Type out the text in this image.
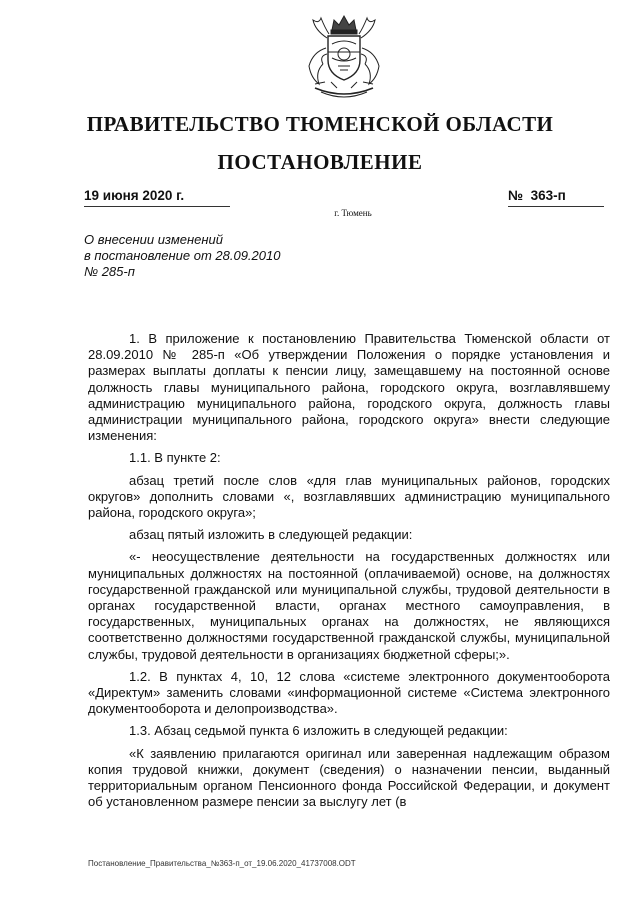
ПРАВИТЕЛЬСТВО ТЮМЕНСКОЙ ОБЛАСТИ
ПОСТАНОВЛЕНИЕ
19 июня 2020 г.	№ 363-п
г. Тюмень
О внесении изменений
в постановление от 28.09.2010
№ 285-п

1. В приложение к постановлению Правительства Тюменской области от 28.09.2010 № 285-п «Об утверждении Положения о порядке установления и размерах выплаты доплаты к пенсии лицу, замещавшему на постоянной основе должность главы муниципального района, городского округа, возглавлявшему администрацию муниципального района, городского округа, должность главы администрации муниципального района, городского округа» внести следующие изменения:

1.1. В пункте 2:

абзац третий после слов «для глав муниципальных районов, городских округов» дополнить словами «, возглавлявших администрацию муниципального района, городского округа»;

абзац пятый изложить в следующей редакции:

«- неосуществление деятельности на государственных должностях или муниципальных должностях на постоянной (оплачиваемой) основе, на должностях государственной гражданской или муниципальной службы, трудовой деятельности в органах государственной власти, органах местного самоуправления, в государственных, муниципальных органах на должностях, не являющихся соответственно должностями государственной гражданской службы, муниципальной службы, трудовой деятельности в организациях бюджетной сферы;».

1.2. В пунктах 4, 10, 12 слова «системе электронного документооборота «Директум» заменить словами «информационной системе «Система электронного документооборота и делопроизводства».

1.3. Абзац седьмой пункта 6 изложить в следующей редакции:

«К заявлению прилагаются оригинал или заверенная надлежащим образом копия трудовой книжки, документ (сведения) о назначении пенсии, выданный территориальным органом Пенсионного фонда Российской Федерации, и документ об установленном размере пенсии за выслугу лет (в

Постановление_Правительства_№363-п_от_19.06.2020_41737008.ODT
